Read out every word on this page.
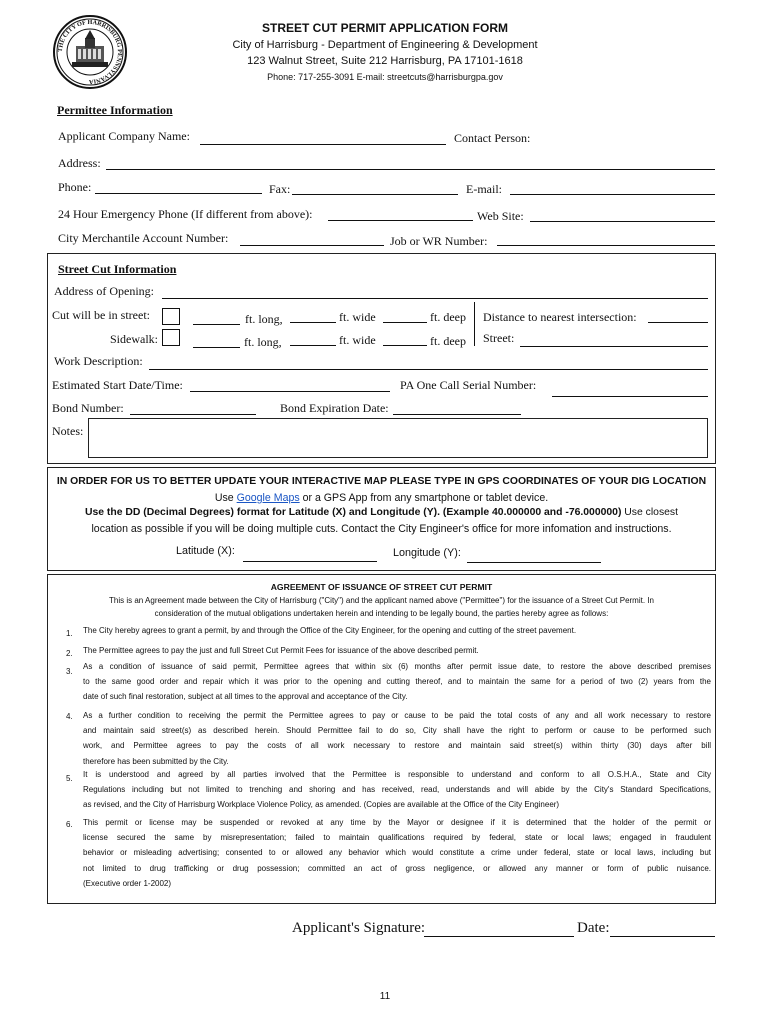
THE CITY OF HARRISBURG PENNSYLVANIA
STREET CUT PERMIT APPLICATION FORM
City of Harrisburg - Department of Engineering & Development
123 Walnut Street, Suite 212 Harrisburg, PA 17101-1618
Phone: 717-255-3091 E-mail: streetcuts@harrisburgpa.gov
Permittee Information
Applicant Company Name:	Contact Person:
Address:
Phone:	Fax:	E-mail:
24 Hour Emergency Phone (If different from above):	Web Site:
City Merchantile Account Number:	Job or WR Number:
Street Cut Information
Address of Opening:
Cut will be in street:	ft. long,	ft. wide	ft. deep Distance to nearest intersection:
Sidewalk:	ft. long,	ft. wide	ft. deep Street:
Work Description:
Estimated Start Date/Time:	PA One Call Serial Number:
Bond Number:	Bond Expiration Date:
Notes:
IN ORDER FOR US TO BETTER UPDATE YOUR INTERACTIVE MAP PLEASE TYPE IN GPS COORDINATES OF YOUR DIG LOCATION
Use Google Maps or a GPS App from any smartphone or tablet device.
Use the DD (Decimal Degrees) format for Latitude (X) and Longitude (Y). (Example 40.000000 and -76.000000) Use closest
location as possible if you will be doing multiple cuts. Contact the City Engineer's office for more infomation and instructions.
Latitude (X):	Longitude (Y):
AGREEMENT OF ISSUANCE OF STREET CUT PERMIT
This is an Agreement made between the City of Harrisburg ("City") and the applicant named above ("Permittee") for the issuance of a Street Cut Permit. In
consideration of the mutual obligations undertaken herein and intending to be legally bound, the parties hereby agree as follows:
1. The City hereby agrees to grant a permit, by and through the Office of the City Engineer, for the opening and cutting of the street pavement.
2. The Permittee agrees to pay the just and full Street Cut Permit Fees for issuance of the above described permit.
3.
As a condition of issuance of said permit, Permittee agrees that within six (6) months after permit issue date, to restore the above described premises
to the same good order and repair which it was prior to the opening and cutting thereof, and to maintain the same for a period of two (2) years from the
date of such final restoration, subject at all times to the approval and acceptance of the City.
4. As a further condition to receiving the permit the Permittee agrees to pay or cause to be paid the total costs of any and all work necessary to restore
and maintain said street(s) as described herein. Should Permittee fail to do so, City shall have the right to perform or cause to be performed such
work, and Permittee agrees to pay the costs of all work necessary to restore and maintain said street(s) within thirty (30) days after bill
therefore has been submitted by the City.
5. It is understood and agreed by all parties involved that the Permittee is responsible to understand and conform to all O.S.H.A., State and City
Regulations including but not limited to trenching and shoring and has received, read, understands and will abide by the City's Standard Specifications,
as revised, and the City of Harrisburg Workplace Violence Policy, as amended. (Copies are available at the Office of the City Engineer)
6. This permit or license may be suspended or revoked at any time by the Mayor or designee if it is determined that the holder of the permit or
license secured the same by misrepresentation; failed to maintain qualifications required by federal, state or local laws; engaged in fraudulent
behavior or misleading advertising; consented to or allowed any behavior which would constitute a crime under federal, state or local laws, including but
not limited to drug trafficking or drug possession; committed an act of gross negligence, or allowed any manner or form of public nuisance.
(Executive order 1-2002)
Applicant's Signature:	Date:
11
